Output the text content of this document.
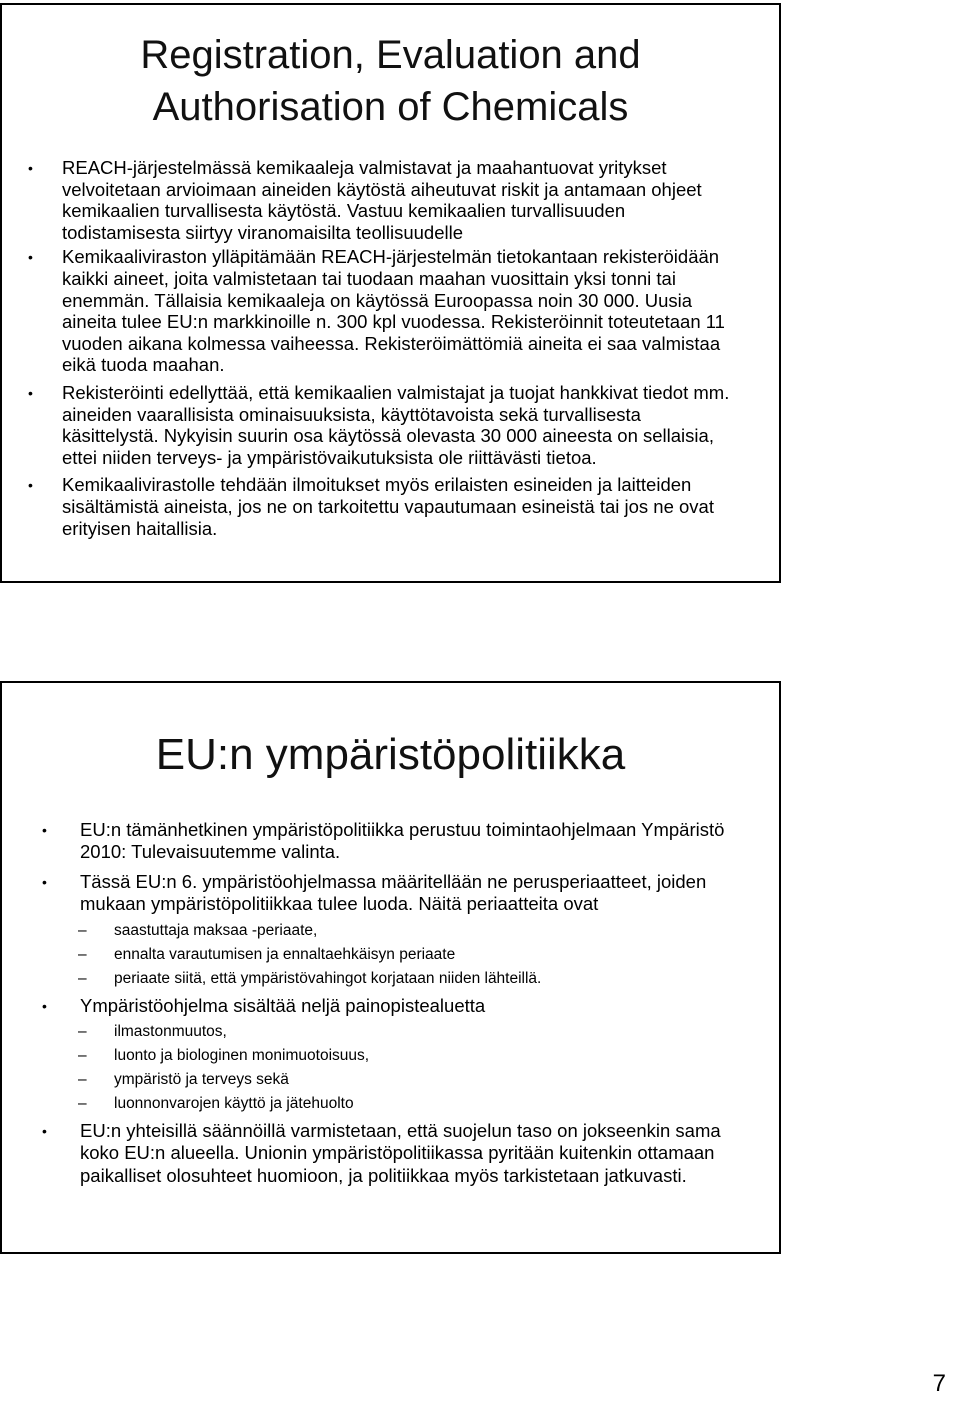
Registration, Evaluation and
Authorisation of Chemicals
• REACH-järjestelmässä kemikaaleja valmistavat ja maahantuovat yritykset velvoitetaan arvioimaan aineiden käytöstä aiheutuvat riskit ja antamaan ohjeet kemikaalien turvallisesta käytöstä. Vastuu kemikaalien turvallisuuden todistamisesta siirtyy viranomaisilta teollisuudelle
• Kemikaaliviraston ylläpitämään REACH-järjestelmän tietokantaan rekisteröidään kaikki aineet, joita valmistetaan tai tuodaan maahan vuosittain yksi tonni tai enemmän. Tällaisia kemikaaleja on käytössä Euroopassa noin 30 000. Uusia aineita tulee EU:n markkinoille n. 300 kpl vuodessa. Rekisteröinnit toteutetaan 11 vuoden aikana kolmessa vaiheessa. Rekisteröimättömiä aineita ei saa valmistaa eikä tuoda maahan.
• Rekisteröinti edellyttää, että kemikaalien valmistajat ja tuojat hankkivat tiedot mm. aineiden vaarallisista ominaisuuksista, käyttötavoista sekä turvallisesta käsittelystä. Nykyisin suurin osa käytössä olevasta 30 000 aineesta on sellaisia, ettei niiden terveys- ja ympäristövaikutuksista ole riittävästi tietoa.
• Kemikaalivirastolle tehdään ilmoitukset myös erilaisten esineiden ja laitteiden sisältämistä aineista, jos ne on tarkoitettu vapautumaan esineistä tai jos ne ovat erityisen haitallisia.
EU:n ympäristöpolitiikka
• EU:n tämänhetkinen ympäristöpolitiikka perustuu toimintaohjelmaan Ympäristö 2010: Tulevaisuutemme valinta.
• Tässä EU:n 6. ympäristöohjelmassa määritellään ne perusperiaatteet, joiden mukaan ympäristöpolitiikkaa tulee luoda. Näitä periaatteita ovat
– saastuttaja maksaa -periaate,
– ennalta varautumisen ja ennaltaehkäisyn periaate
– periaate siitä, että ympäristövahingot korjataan niiden lähteillä.
• Ympäristöohjelma sisältää neljä painopistealuetta
– ilmastonmuutos,
– luonto ja biologinen monimuotoisuus,
– ympäristö ja terveys sekä
– luonnonvarojen käyttö ja jätehuolto
• EU:n yhteisillä säännöillä varmistetaan, että suojelun taso on jokseenkin sama koko EU:n alueella. Unionin ympäristöpolitiikassa pyritään kuitenkin ottamaan paikalliset olosuhteet huomioon, ja politiikkaa myös tarkistetaan jatkuvasti.
7
